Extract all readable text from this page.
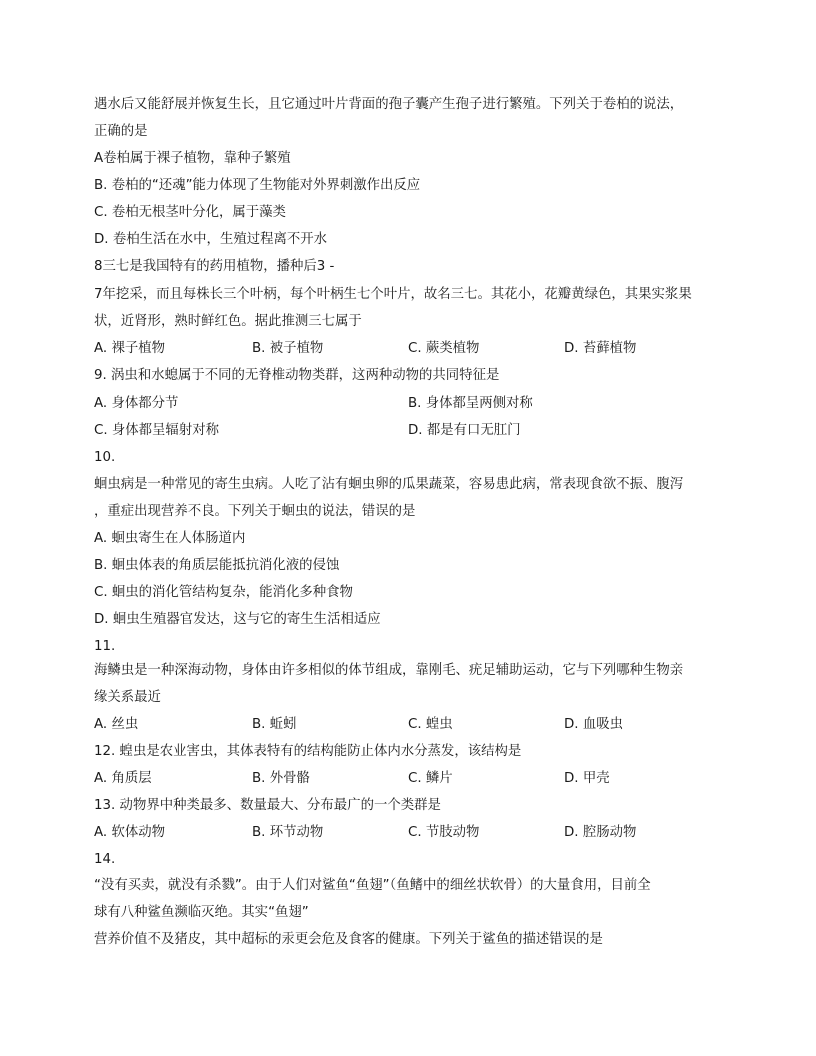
遇水后又能舒展并恢复生长，且它通过叶片背面的孢子囊产生孢子进行繁殖。下列关于卷柏的说法，
正确的是
A卷柏属于裸子植物，靠种子繁殖
B. 卷柏的“还魂”能力体现了生物能对外界刺激作出反应
C. 卷柏无根茎叶分化，属于藻类
D. 卷柏生活在水中，生殖过程离不开水
8三七是我国特有的药用植物，播种后3 -
7年挖采，而且每株长三个叶柄，每个叶柄生七个叶片，故名三七。其花小，花瓣黄绿色，其果实浆果
状，近肾形，熟时鲜红色。据此推测三七属于
A. 裸子植物	B. 被子植物	C. 蕨类植物	D. 苔藓植物
9. 涡虫和水螅属于不同的无脊椎动物类群，这两种动物的共同特征是
A. 身体都分节	B. 身体都呈两侧对称
C. 身体都呈辐射对称	D. 都是有口无肛门
10.
蛔虫病是一种常见的寄生虫病。人吃了沾有蛔虫卵的瓜果蔬菜，容易患此病，常表现食欲不振、腹泻
，重症出现营养不良。下列关于蛔虫的说法，错误的是
A. 蛔虫寄生在人体肠道内
B. 蛔虫体表的角质层能抵抗消化液的侵蚀
C. 蛔虫的消化管结构复杂，能消化多种食物
D. 蛔虫生殖器官发达，这与它的寄生生活相适应
11.
海鳞虫是一种深海动物，身体由许多相似的体节组成，靠刚毛、疣足辅助运动，它与下列哪种生物亲
缘关系最近
A. 丝虫	B. 蚯蚓	C. 蝗虫	D. 血吸虫
12. 蝗虫是农业害虫，其体表特有的结构能防止体内水分蒸发，该结构是
A. 角质层	B. 外骨骼	C. 鳞片	D. 甲壳
13. 动物界中种类最多、数量最大、分布最广的一个类群是
A. 软体动物	B. 环节动物	C. 节肢动物	D. 腔肠动物
14.
“没有买卖，就没有杀戮”。由于人们对鲨鱼“鱼翅”（鱼鳍中的细丝状软骨）的大量食用，目前全
球有八种鲨鱼濒临灭绝。其实“鱼翅”
营养价值不及猪皮，其中超标的汞更会危及食客的健康。下列关于鲨鱼的描述错误的是
